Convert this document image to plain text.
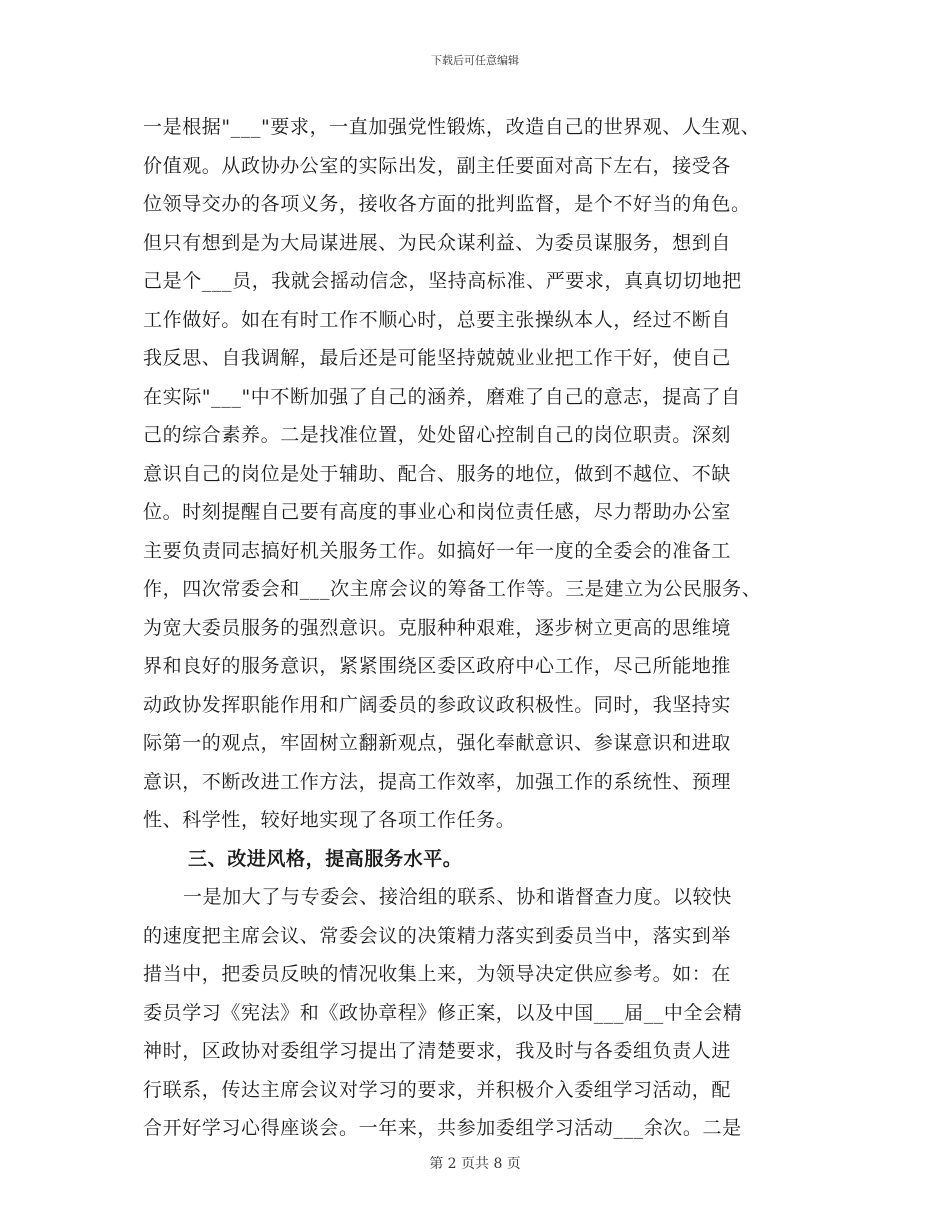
下载后可任意编辑
一是根据"___"要求，一直加强党性锻炼，改造自己的世界观、人生观、
价值观。从政协办公室的实际出发，副主任要面对高下左右，接受各
位领导交办的各项义务，接收各方面的批判监督，是个不好当的角色。
但只有想到是为大局谋进展、为民众谋利益、为委员谋服务，想到自
己是个___员，我就会摇动信念，坚持高标准、严要求，真真切切地把
工作做好。如在有时工作不顺心时，总要主张操纵本人，经过不断自
我反思、自我调解，最后还是可能坚持兢兢业业把工作干好，使自己
在实际"___"中不断加强了自己的涵养，磨难了自己的意志，提高了自
己的综合素养。二是找准位置，处处留心控制自己的岗位职责。深刻
意识自己的岗位是处于辅助、配合、服务的地位，做到不越位、不缺
位。时刻提醒自己要有高度的事业心和岗位责任感，尽力帮助办公室
主要负责同志搞好机关服务工作。如搞好一年一度的全委会的准备工
作，四次常委会和___次主席会议的筹备工作等。三是建立为公民服务、
为宽大委员服务的强烈意识。克服种种艰难，逐步树立更高的思维境
界和良好的服务意识，紧紧围绕区委区政府中心工作，尽己所能地推
动政协发挥职能作用和广阔委员的参政议政积极性。同时，我坚持实
际第一的观点，牢固树立翻新观点，强化奉献意识、参谋意识和进取
意识，不断改进工作方法，提高工作效率，加强工作的系统性、预理
性、科学性，较好地实现了各项工作任务。
三、改进风格，提高服务水平。
一是加大了与专委会、接洽组的联系、协和谐督查力度。以较快
的速度把主席会议、常委会议的决策精力落实到委员当中，落实到举
措当中，把委员反映的情况收集上来，为领导决定供应参考。如：在
委员学习《宪法》和《政协章程》修正案，以及中国___届__中全会精
神时，区政协对委组学习提出了清楚要求，我及时与各委组负责人进
行联系，传达主席会议对学习的要求，并积极介入委组学习活动，配
合开好学习心得座谈会。一年来，共参加委组学习活动___余次。二是
第 2 页共 8 页
